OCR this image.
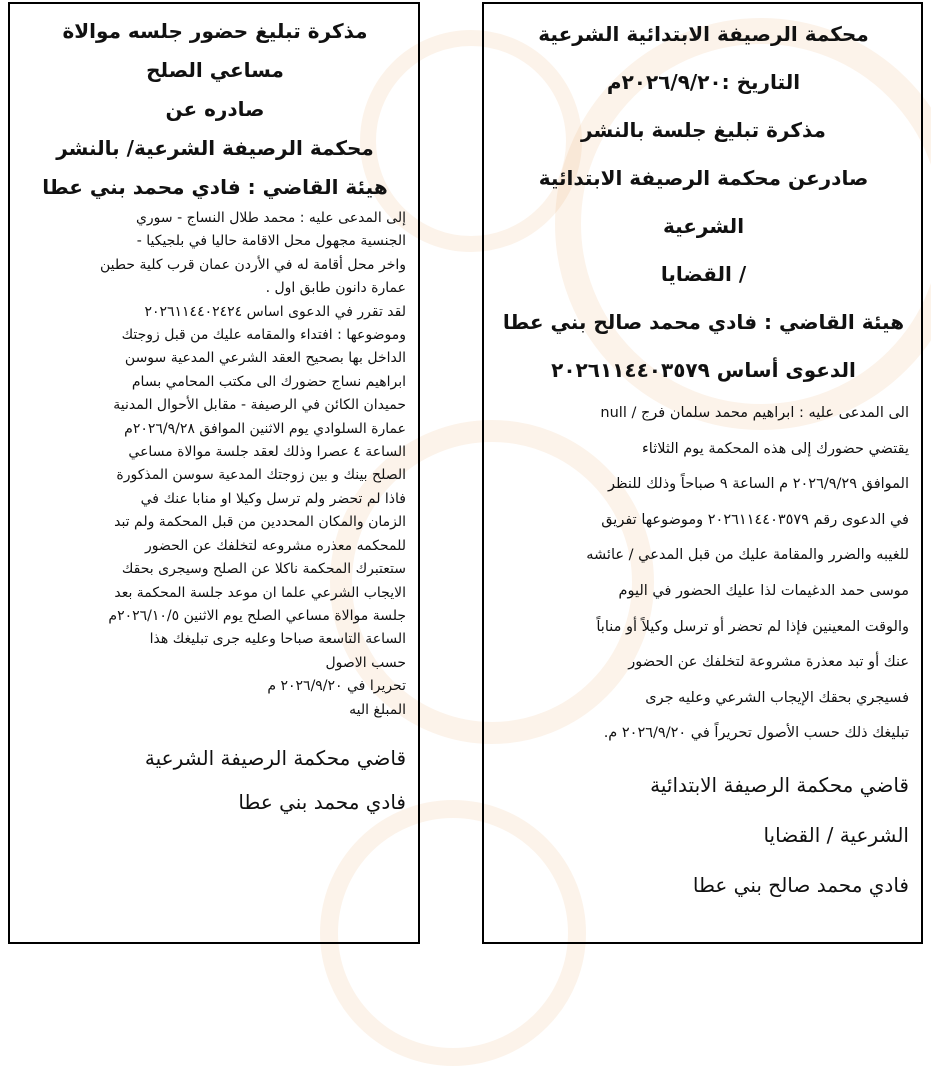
مذكرة تبليغ حضور جلسه موالاة مساعي الصلح

صادره عن

محكمة الرصيفة الشرعية/ بالنشر

هيئة القاضي : فادي محمد بني عطا

إلى المدعى عليه : محمد طلال النساج - سوري

الجنسية مجهول محل الاقامة حاليا في بلجيكيا -

واخر محل أقامة له في الأردن عمان قرب كلية حطين

عمارة دانون طابق اول .

لقد تقرر في الدعوى اساس ٢٠٢٦١١٤٤٠٢٤٢٤

وموضوعها : افتداء والمقامه عليك من قبل زوجتك

الداخل بها بصحيح العقد الشرعي المدعية سوسن

ابراهيم نساج حضورك الى مكتب المحامي بسام

حميدان الكائن في الرصيفة - مقابل الأحوال المدنية

عمارة السلوادي يوم الاثنين الموافق ٢٠٢٦/٩/٢٨م

الساعة ٤ عصرا وذلك لعقد جلسة موالاة مساعي

الصلح بينك و بين زوجتك المدعية سوسن المذكورة

فاذا لم تحضر ولم ترسل وكيلا او منابا عنك في

الزمان والمكان المحددين من قبل المحكمة ولم تبد

للمحكمه معذره مشروعه لتخلفك عن الحضور

ستعتبرك المحكمة ناكلا عن الصلح وسيجرى بحقك

الايجاب الشرعي علما ان موعد جلسة المحكمة بعد

جلسة موالاة مساعي الصلح يوم الاثنين ٢٠٢٦/١٠/٥م

الساعة التاسعة صباحا وعليه جرى تبليغك هذا

حسب الاصول

تحريرا في ٢٠٢٦/٩/٢٠ م

المبلغ اليه

قاضي محكمة الرصيفة الشرعية

فادي محمد بني عطا

محكمة الرصيفة الابتدائية الشرعية

التاريخ :٢٠٢٦/٩/٢٠م

مذكرة تبليغ جلسة بالنشر

صادرعن محكمة الرصيفة الابتدائية الشرعية

/ القضايا

هيئة القاضي : فادي محمد صالح بني عطا

الدعوى أساس ٢٠٢٦١١٤٤٠٣٥٧٩

الى المدعى عليه : ابراهيم محمد سلمان فرج / null

يقتضي حضورك إلى هذه المحكمة يوم الثلاثاء

الموافق ٢٠٢٦/٩/٢٩ م الساعة ٩ صباحاً وذلك للنظر

في الدعوى رقم ٢٠٢٦١١٤٤٠٣٥٧٩ وموضوعها تفريق

للغيبه والضرر والمقامة عليك من قبل المدعي / عائشه

موسى حمد الدغيمات لذا عليك الحضور في اليوم

والوقت المعينين فإذا لم تحضر أو ترسل وكيلاً أو مناباً

عنك أو تبد معذرة مشروعة لتخلفك عن الحضور

فسيجري بحقك الإيجاب الشرعي وعليه جرى

تبليغك ذلك حسب الأصول تحريراً في ٢٠٢٦/٩/٢٠ م.

قاضي محكمة الرصيفة الابتدائية

الشرعية / القضايا

فادي محمد صالح بني عطا
